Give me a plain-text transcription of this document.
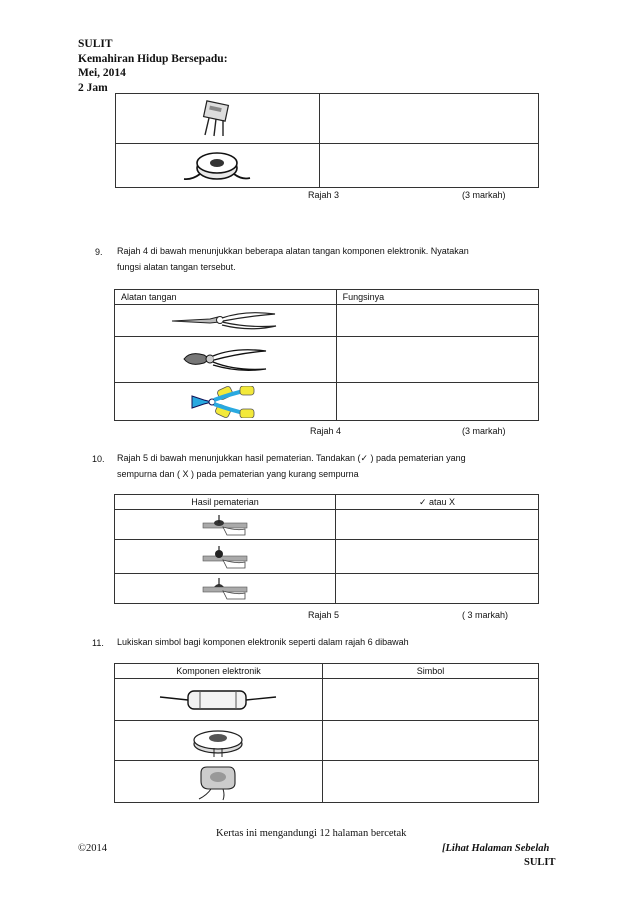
SULIT
Kemahiran Hidup Bersepadu:
Mei, 2014
2 Jam

Rajah 3	(3 markah)
9. Rajah 4 di bawah menunjukkan beberapa alatan tangan komponen elektronik. Nyatakan
fungsi alatan tangan tersebut.
Alatan tangan	Fungsinya

Rajah 4	(3 markah)
10. Rajah 5 di bawah menunjukkan hasil pematerian. Tandakan (✓ ) pada pematerian yang
sempurna dan ( X ) pada pematerian yang kurang sempurna
Hasil pematerian	✓ atau X

Rajah 5	( 3 markah)
11. Lukiskan simbol bagi komponen elektronik seperti dalam rajah 6 dibawah
Komponen elektronik	Simbol

Kertas ini mengandungi 12 halaman bercetak
©2014	[Lihat Halaman Sebelah
SULIT
